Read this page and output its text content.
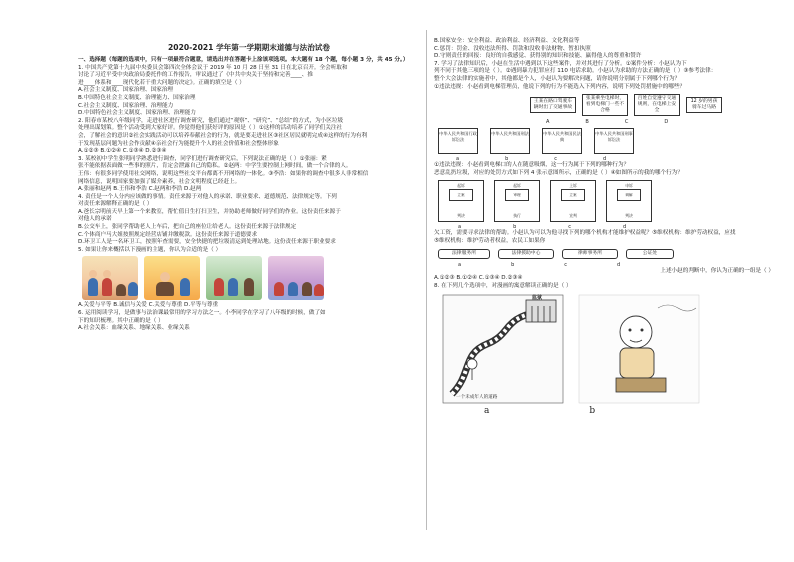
2020-2021 学年第一学期期末道德与法治试卷

一、选择题（每题的选项中，只有一项最符合题意，请选出并在答题卡上涂该项选项。本大题有 18 个题，每小题 3 分，共 45 分。）

1. 中国共产党第十九届中央委员会第四次全体会议于 2019 年 10 月 28 日至 31 日在北京召开。全会听取和

讨论了习近平受中央政治局委托作的工作报告，审议通过了《中共中央关于坚持和完善____、推

进____体系和____现代化若干重大问题的决定》。正确的填空是（ ）

A.社会主义制度、国家治理、国家治理

B.中国特色社会主义制度、治理能力、国家治理

C.社会主义制度、国家治理、治理能力

D.中国特色社会主义制度、国家治理、治理能力

2. 阳春市某校八年级同学，走进社区进行调查研究，他们通过“观察”、“研究”、“总结”的方式，为小区垃圾

处理出谋划策。整个活动受到大家好评。你觉得他们获好评的原因是（ ）①这样的活动培养了同学们关注社

会，了解社会的意识②社会实践活动可以培养奉献社会的行为，就是要走进社区③社区居民就明完成④这样的行为有利

于发现基层问题为社会作贡献④亲社会行为能提升个人的社会价值和社会整体形象

A.①②③ B.①②④ C.①③④ D.②③④

3. 某校初中学生张明同学熟悉进行调查，同学们进行调查研究后，下列说法正确的是（ ）①张丽：紧

张不能依据表面做一些事的照片，肯定会泄露自己的隐私。②赵两：中学生要控制上网时间，做一个合律的人。

王伟：有很多同学使用社交网络，说明这些社交平台都离不开网络的一体化。③李浩：如果你的调查中很多人非常相信

网络信息，说明国家要加强了媒介素养，社会文明程度已经赶上。

A.张丽和赵两 B.王伟和李浩 C.赵两和李浩 D.赵两

4. 责任是一个人分内应该做的事情。责任来源于对他人的承诺、职业要求、道德规范、法律规定等。下列

对责任来源解释正确的是（ ）

A.爸长宗明前天早上第一个来教室，帮忙值日生打扫卫生，并协助老师做好同学们的作业。这份责任来源于

对他人的承诺

B.公交车上，张同学帮助老人上车后，把自己的座位让给老人。这份责任来源于法律规定

C.个体商户马大姐按照规定经营店铺并缴税款。这份责任来源于道德要求

D.环卫工人是一名环卫工，按照年查需要，安全快捷的把垃圾清运到处理站地。这份责任来源于职业要求

5. 如果让你来概括以下漫画的主题，你认为合适的是（ ）

A.关爱与平等 B.诚信与关爱 C.关爱与尊重 D.平等与尊重

6. 运用阅读学习，是做事与法治课最常用的学习方法之一。小李同学在学习了八年级的时候，做了如

下的知识梳理。其中正确的是（ ）

A.社会关系：血缘关系、地缘关系、业缘关系

B.国家安全：安全利益、政治利益、经济利益、文化利益等

C.惩罚：罚金、没收违法所得、罚款和没收非法财物、暂扣执照

D.守则责任的回报：良好的自我感觉、获得别的知识和技能、赢得他人的尊重和赞许

7. 学习了法律知识后，小赵在生活中遇到以下这些案件，并对其进行了分析。①案件分析：小赵认为下

列不同于其他三项的是（ ）。②遇到暴力犯罪应打 110 电话求助。小赵认为求助的方法正确的是（ ）③参考法律：

整个大会法律的实施者中，其他都是个人，小赵认为要解决问题，请你说明分别属于下列哪个行为？

①违法违规：小赵看到电梯管理员，他说下列的行为不能选入下列内容，说明下列处罚措施中的哪些？

王某在路口驾驶车辆时出了交通事故
张某乘坐电梯时，看到电梯门一些不合格
百姓自觉遵守交通规则，在电梯上安全
12 岁的男孩骑车过马路
A	B	C	D
中华人民共和国行政诉讼法
中华人民共和国刑法	中华人民共和国民法典
中华人民共和国刑事诉讼法
a	b	c	d

①违法违规：小赵看到电梯口的人在随意吸烟，这一行为属于下列的哪种行为？

恶意乱扔垃圾，对应的处罚方式如下列 4 张示意图所示，正确的是（ ）④如图所示的我的哪个行为？

起诉
立案
判决
起诉
审理
执行
上诉
立案
宣判
申诉
调解
判决
a	b	c	d

欠工资，需要寻求法律的帮助。小赵认为可以为他寻找下列的哪个机构才能维护权益呢？⑤维权机构：维护劳动权益，应找

⑤维权机构：维护劳动者权益，农民工如果你

法律服务所	法律援助中心	律师事务所	公证处
a	b	c	d

上述小赵的判断中，你认为正确的一组是（ ）

A.①②③ B.①②④ C.①③④ D.②③④

8. 在下列几个选项中，对漫画的寓意解读正确的是（ ）

监狱
一个未成年人的道路
a	b
